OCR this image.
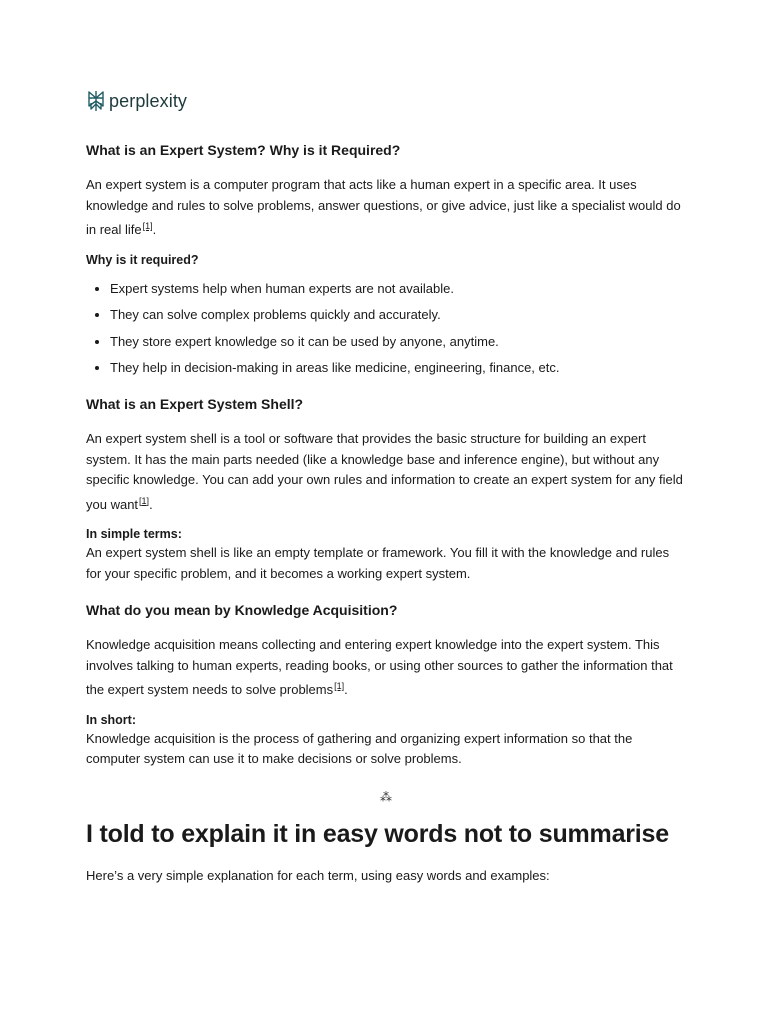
perplexity
What is an Expert System? Why is it Required?

An expert system is a computer program that acts like a human expert in a specific area. It uses knowledge and rules to solve problems, answer questions, or give advice, just like a specialist would do in real life[1].

Why is it required?
• Expert systems help when human experts are not available.
• They can solve complex problems quickly and accurately.
• They store expert knowledge so it can be used by anyone, anytime.
• They help in decision-making in areas like medicine, engineering, finance, etc.
What is an Expert System Shell?

An expert system shell is a tool or software that provides the basic structure for building an expert system. It has the main parts needed (like a knowledge base and inference engine), but without any specific knowledge. You can add your own rules and information to create an expert system for any field you want[1].

In simple terms:

An expert system shell is like an empty template or framework. You fill it with the knowledge and rules for your specific problem, and it becomes a working expert system.

What do you mean by Knowledge Acquisition?

Knowledge acquisition means collecting and entering expert knowledge into the expert system. This involves talking to human experts, reading books, or using other sources to gather the information that the expert system needs to solve problems[1].

In short:

Knowledge acquisition is the process of gathering and organizing expert information so that the computer system can use it to make decisions or solve problems.

⁂
I told to explain it in easy words not to summarise

Here’s a very simple explanation for each term, using easy words and examples:
